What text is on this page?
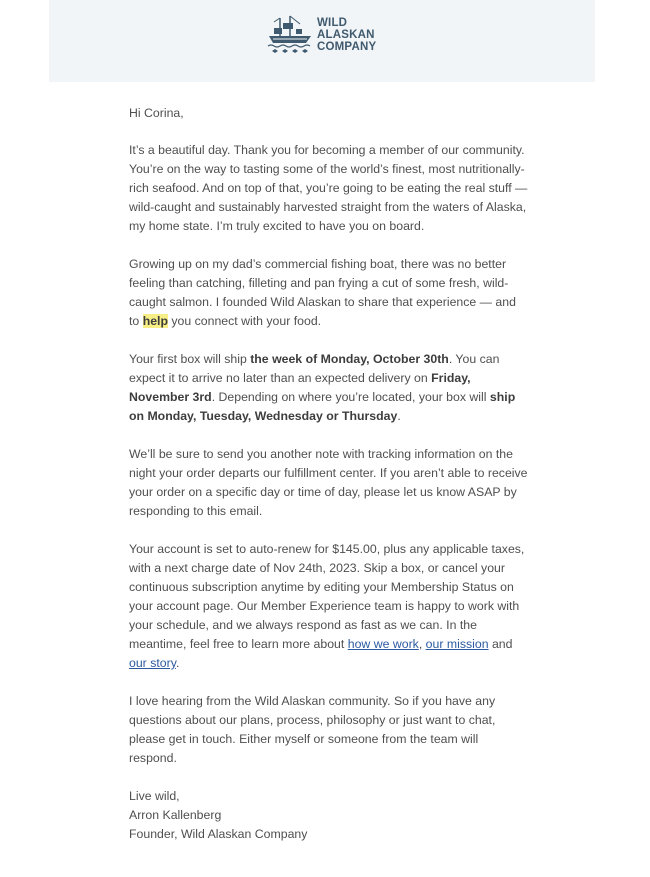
WILD
ALASKAN
COMPANY

Hi Corina,

It’s a beautiful day. Thank you for becoming a member of our community. You’re on the way to tasting some of the world’s finest, most nutritionally-rich seafood. And on top of that, you’re going to be eating the real stuff — wild-caught and sustainably harvested straight from the waters of Alaska, my home state. I’m truly excited to have you on board.

Growing up on my dad’s commercial fishing boat, there was no better feeling than catching, filleting and pan frying a cut of some fresh, wild-caught salmon. I founded Wild Alaskan to share that experience — and to help you connect with your food.

Your first box will ship the week of Monday, October 30th. You can expect it to arrive no later than an expected delivery on Friday, November 3rd. Depending on where you’re located, your box will ship on Monday, Tuesday, Wednesday or Thursday.

We’ll be sure to send you another note with tracking information on the night your order departs our fulfillment center. If you aren’t able to receive your order on a specific day or time of day, please let us know ASAP by responding to this email.

Your account is set to auto-renew for $145.00, plus any applicable taxes, with a next charge date of Nov 24th, 2023. Skip a box, or cancel your continuous subscription anytime by editing your Membership Status on your account page. Our Member Experience team is happy to work with your schedule, and we always respond as fast as we can. In the meantime, feel free to learn more about how we work, our mission and our story.

I love hearing from the Wild Alaskan community. So if you have any questions about our plans, process, philosophy or just want to chat, please get in touch. Either myself or someone from the team will respond.

Live wild,

Arron Kallenberg

Founder, Wild Alaskan Company
